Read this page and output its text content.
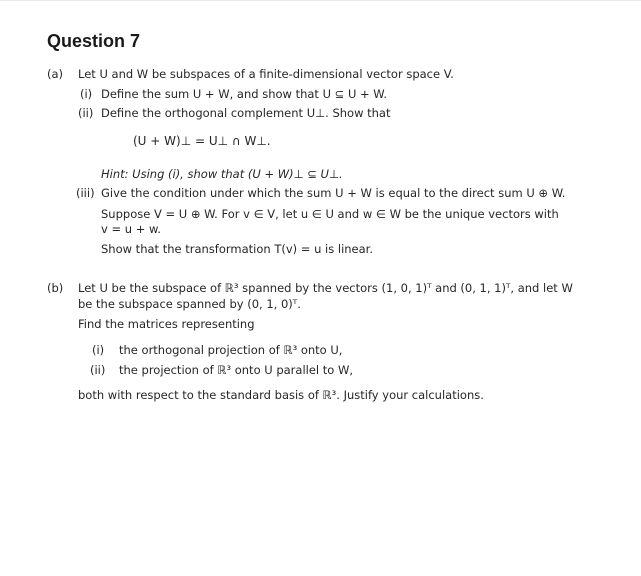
Question 7
(a) Let U and W be subspaces of a finite-dimensional vector space V.
(i) Define the sum U + W, and show that U ⊆ U + W.
(ii) Define the orthogonal complement U⊥. Show that
(U + W)⊥ = U⊥ ∩ W⊥.
Hint: Using (i), show that (U + W)⊥ ⊆ U⊥.
(iii) Give the condition under which the sum U + W is equal to the direct sum U ⊕ W.
Suppose V = U ⊕ W. For v ∈ V, let u ∈ U and w ∈ W be the unique vectors with
v = u + w.
Show that the transformation T(v) = u is linear.
(b) Let U be the subspace of ℝ³ spanned by the vectors (1, 0, 1)ᵀ and (0, 1, 1)ᵀ, and let W
be the subspace spanned by (0, 1, 0)ᵀ.
Find the matrices representing
(i) the orthogonal projection of ℝ³ onto U,
(ii) the projection of ℝ³ onto U parallel to W,
both with respect to the standard basis of ℝ³. Justify your calculations.
